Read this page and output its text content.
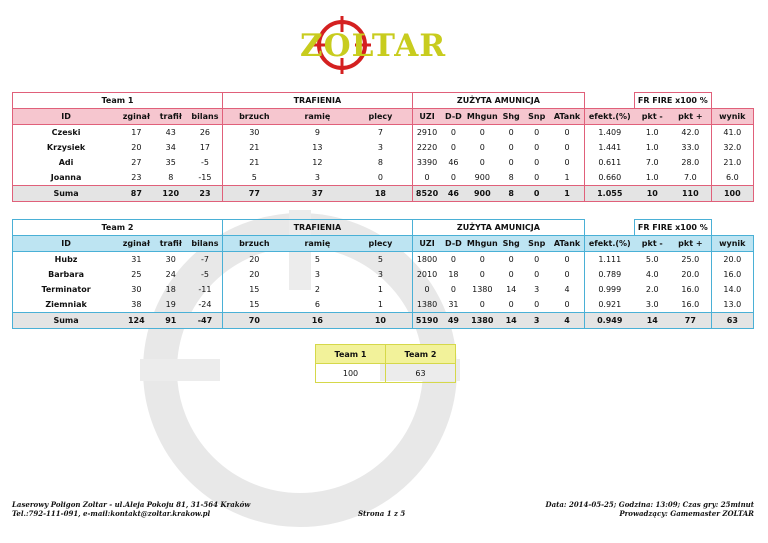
ZOLTAR
Team 1				TRAFIENIA			ZUŻYTA AMUNICJA							FR FIRE x100 %		
ID	zginał	trafił	bilans	brzuch	ramię	plecy	UZI	D-D	Mhgun	Shg	Snp	ATank	efekt.(%)	pkt -	pkt +	wynik
Czeski	17	43	26	30	9	7	2910	0	0	0	0	0	1.409	1.0	42.0	41.0
Krzysiek	20	34	17	21	13	3	2220	0	0	0	0	0	1.441	1.0	33.0	32.0
Adi	27	35	-5	21	12	8	3390	46	0	0	0	0	0.611	7.0	28.0	21.0
Joanna	23	8	-15	5	3	0	0	0	900	8	0	1	0.660	1.0	7.0	6.0
Suma	87	120	23	77	37	18	8520	46	900	8	0	1	1.055	10	110	100
Team 2				TRAFIENIA			ZUŻYTA AMUNICJA							FR FIRE x100 %		
ID	zginał	trafił	bilans	brzuch	ramię	plecy	UZI	D-D	Mhgun	Shg	Snp	ATank	efekt.(%)	pkt -	pkt +	wynik
Hubz	31	30	-7	20	5	5	1800	0	0	0	0	0	1.111	5.0	25.0	20.0
Barbara	25	24	-5	20	3	3	2010	18	0	0	0	0	0.789	4.0	20.0	16.0
Terminator	30	18	-11	15	2	1	0	0	1380	14	3	4	0.999	2.0	16.0	14.0
Ziemniak	38	19	-24	15	6	1	1380	31	0	0	0	0	0.921	3.0	16.0	13.0
Suma	124	91	-47	70	16	10	5190	49	1380	14	3	4	0.949	14	77	63
Team 1	Team 2
100	63
Laserowy Poligon Zoltar - ul.Aleja Pokoju 81, 31-564 Kraków
Tel.:792-111-091, e-mail:kontakt@zoltar.krakow.pl	Strona 1 z 5
Data: 2014-05-25; Godzina: 13:09; Czas gry: 25minut
Prowadzący: Gamemaster ZOLTAR
